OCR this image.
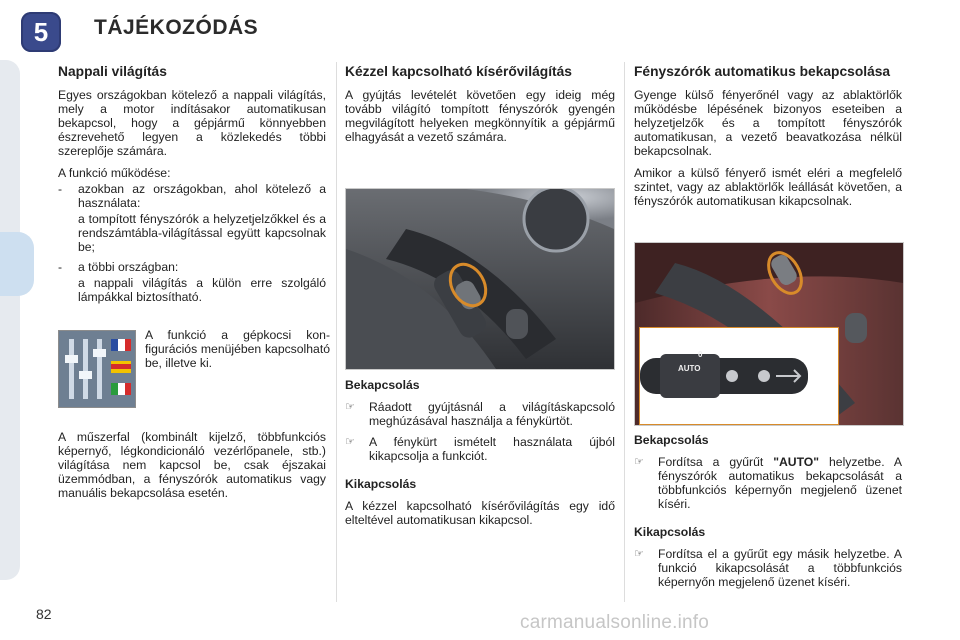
5	TÁJÉKOZÓDÁS
Nappali világítás

Egyes országokban kötelező a nappali világítás, mely a motor indításakor automatikusan bekapcsol, hogy a gépjármű könnyebben észrevehető legyen a közlekedés többi szereplője számára.

A funkció működése:

-	azokban az országokban, ahol kötelező a használata:
a tompított fényszórók a helyzetjelzőkkel és a rendszámtábla-világítással együtt kapcsolnak be;
-	a többi országban:
a nappali világítás a külön erre szolgáló lámpákkal biztosítható.
A funkció a gépkocsi konfigurációs menüjében kapcsolható be, illetve ki.

A műszerfal (kombinált kijelző, többfunkciós képernyő, légkondicionáló vezérlőpanele, stb.) világítása nem kapcsol be, csak éjszakai üzemmódban, a fényszórók automatikus vagy manuális bekapcsolása esetén.

Kézzel kapcsolható kísérővilágítás

A gyújtás levételét követően egy ideig még tovább világító tompított fényszórók gyengén megvilágított helyeken megkönnyítik a gépjármű elhagyását a vezető számára.

Bekapcsolás
☞	Ráadott gyújtásnál a világításkapcsoló meghúzásával használja a fénykürtöt.
☞	A fénykürt ismételt használata újból kikapcsolja a funkciót.
Kikapcsolás

A kézzel kapcsolható kísérővilágítás egy idő elteltével automatikusan kikapcsol.

Fényszórók automatikus bekapcsolása

Gyenge külső fényerőnél vagy az ablaktörlők működésbe lépésének bizonyos eseteiben a helyzetjelzők és a tompított fényszórók automatikusan, a vezető beavatkozása nélkül bekapcsolnak.

Amikor a külső fényerő ismét eléri a megfelelő szintet, vagy az ablaktörlők leállását követően, a fényszórók automatikusan kikapcsolnak.

AUTO
0
Bekapcsolás
☞	Fordítsa a gyűrűt "AUTO" helyzetbe. A fényszórók automatikus bekapcsolását a többfunkciós képernyőn megjelenő üzenet kíséri.
Kikapcsolás
☞	Fordítsa el a gyűrűt egy másik helyzetbe. A funkció kikapcsolását a többfunkciós képernyőn megjelenő üzenet kíséri.
82	carmanualsonline.info
